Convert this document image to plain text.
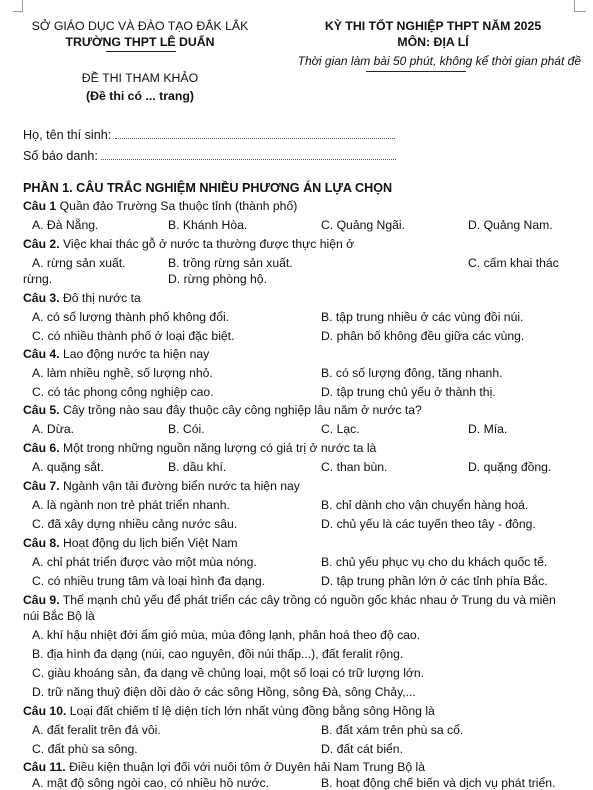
SỞ GIÁO DỤC VÀ ĐÀO TẠO ĐẮK LẮK
TRƯỜNG THPT LÊ DUẨN
KỲ THI TỐT NGHIỆP THPT NĂM 2025
MÔN: ĐỊA LÍ
Thời gian làm bài 50 phút, không kể thời gian phát đề
ĐỀ THI THAM KHẢO
(Đề thi có ... trang)
Họ, tên thí sinh:
Số báo danh:
PHẦN 1. CÂU TRẮC NGHIỆM NHIỀU PHƯƠNG ÁN LỰA CHỌN
Câu 1 Quần đảo Trường Sa thuộc tỉnh (thành phố)
A. Đà Nẵng.	B. Khánh Hòa.	C. Quảng Ngãi.	D. Quảng Nam.
Câu 2. Việc khai thác gỗ ở nước ta thường được thực hiện ở
A. rừng sản xuất.	B. trồng rừng sản xuất.	C. cấm khai thác
rừng.	D. rừng phòng hộ.
Câu 3. Đô thị nước ta
A. có số lượng thành phố không đổi.	B. tập trung nhiều ở các vùng đồi núi.
C. có nhiều thành phố ở loại đặc biệt.	D. phân bố không đều giữa các vùng.
Câu 4. Lao động nước ta hiện nay
A. làm nhiều nghề, số lượng nhỏ.	B. có số lượng đông, tăng nhanh.
C. có tác phong công nghiệp cao.	D. tập trung chủ yếu ở thành thị.
Câu 5. Cây trồng nào sau đây thuộc cây công nghiệp lâu năm ở nước ta?
A. Dừa.	B. Cói.	C. Lạc.	D. Mía.
Câu 6. Một trong những nguồn năng lượng có giá trị ở nước ta là
A. quặng sắt.	B. dầu khí.	C. than bùn.	D. quặng đồng.
Câu 7. Ngành vận tải đường biển nước ta hiện nay
A. là ngành non trẻ phát triển nhanh.	B. chỉ dành cho vận chuyển hàng hoá.
C. đã xây dựng nhiều cảng nước sâu.	D. chủ yếu là các tuyến theo tây - đông.
Câu 8. Hoạt động du lịch biển Việt Nam
A. chỉ phát triển được vào một mùa nóng.	B. chủ yếu phục vụ cho du khách quốc tế.
C. có nhiều trung tâm và loại hình đa dạng.	D. tập trung phần lớn ở các tỉnh phía Bắc.
Câu 9. Thế mạnh chủ yếu để phát triển các cây trồng có nguồn gốc khác nhau ở Trung du và miền
núi Bắc Bộ là
A. khí hậu nhiệt đới ẩm gió mùa, mùa đông lạnh, phân hoá theo độ cao.
B. địa hình đa dạng (núi, cao nguyên, đồi núi thấp...), đất feralit rộng.
C. giàu khoáng sản, đa dạng về chủng loại, một số loại có trữ lượng lớn.
D. trữ năng thuỷ điện dồi dào ở các sông Hồng, sông Đà, sông Chảy,...
Câu 10. Loại đất chiếm tỉ lệ diện tích lớn nhất vùng đồng bằng sông Hồng là
A. đất feralit trên đá vôi.	B. đất xám trên phù sa cổ.
C. đất phù sa sông.	D. đất cát biển.
Câu 11. Điều kiện thuận lợi đối với nuôi tôm ở Duyên hải Nam Trung Bộ là
A. mật độ sông ngòi cao, có nhiều hồ nước.	B. hoạt động chế biến và dịch vụ phát triển.
